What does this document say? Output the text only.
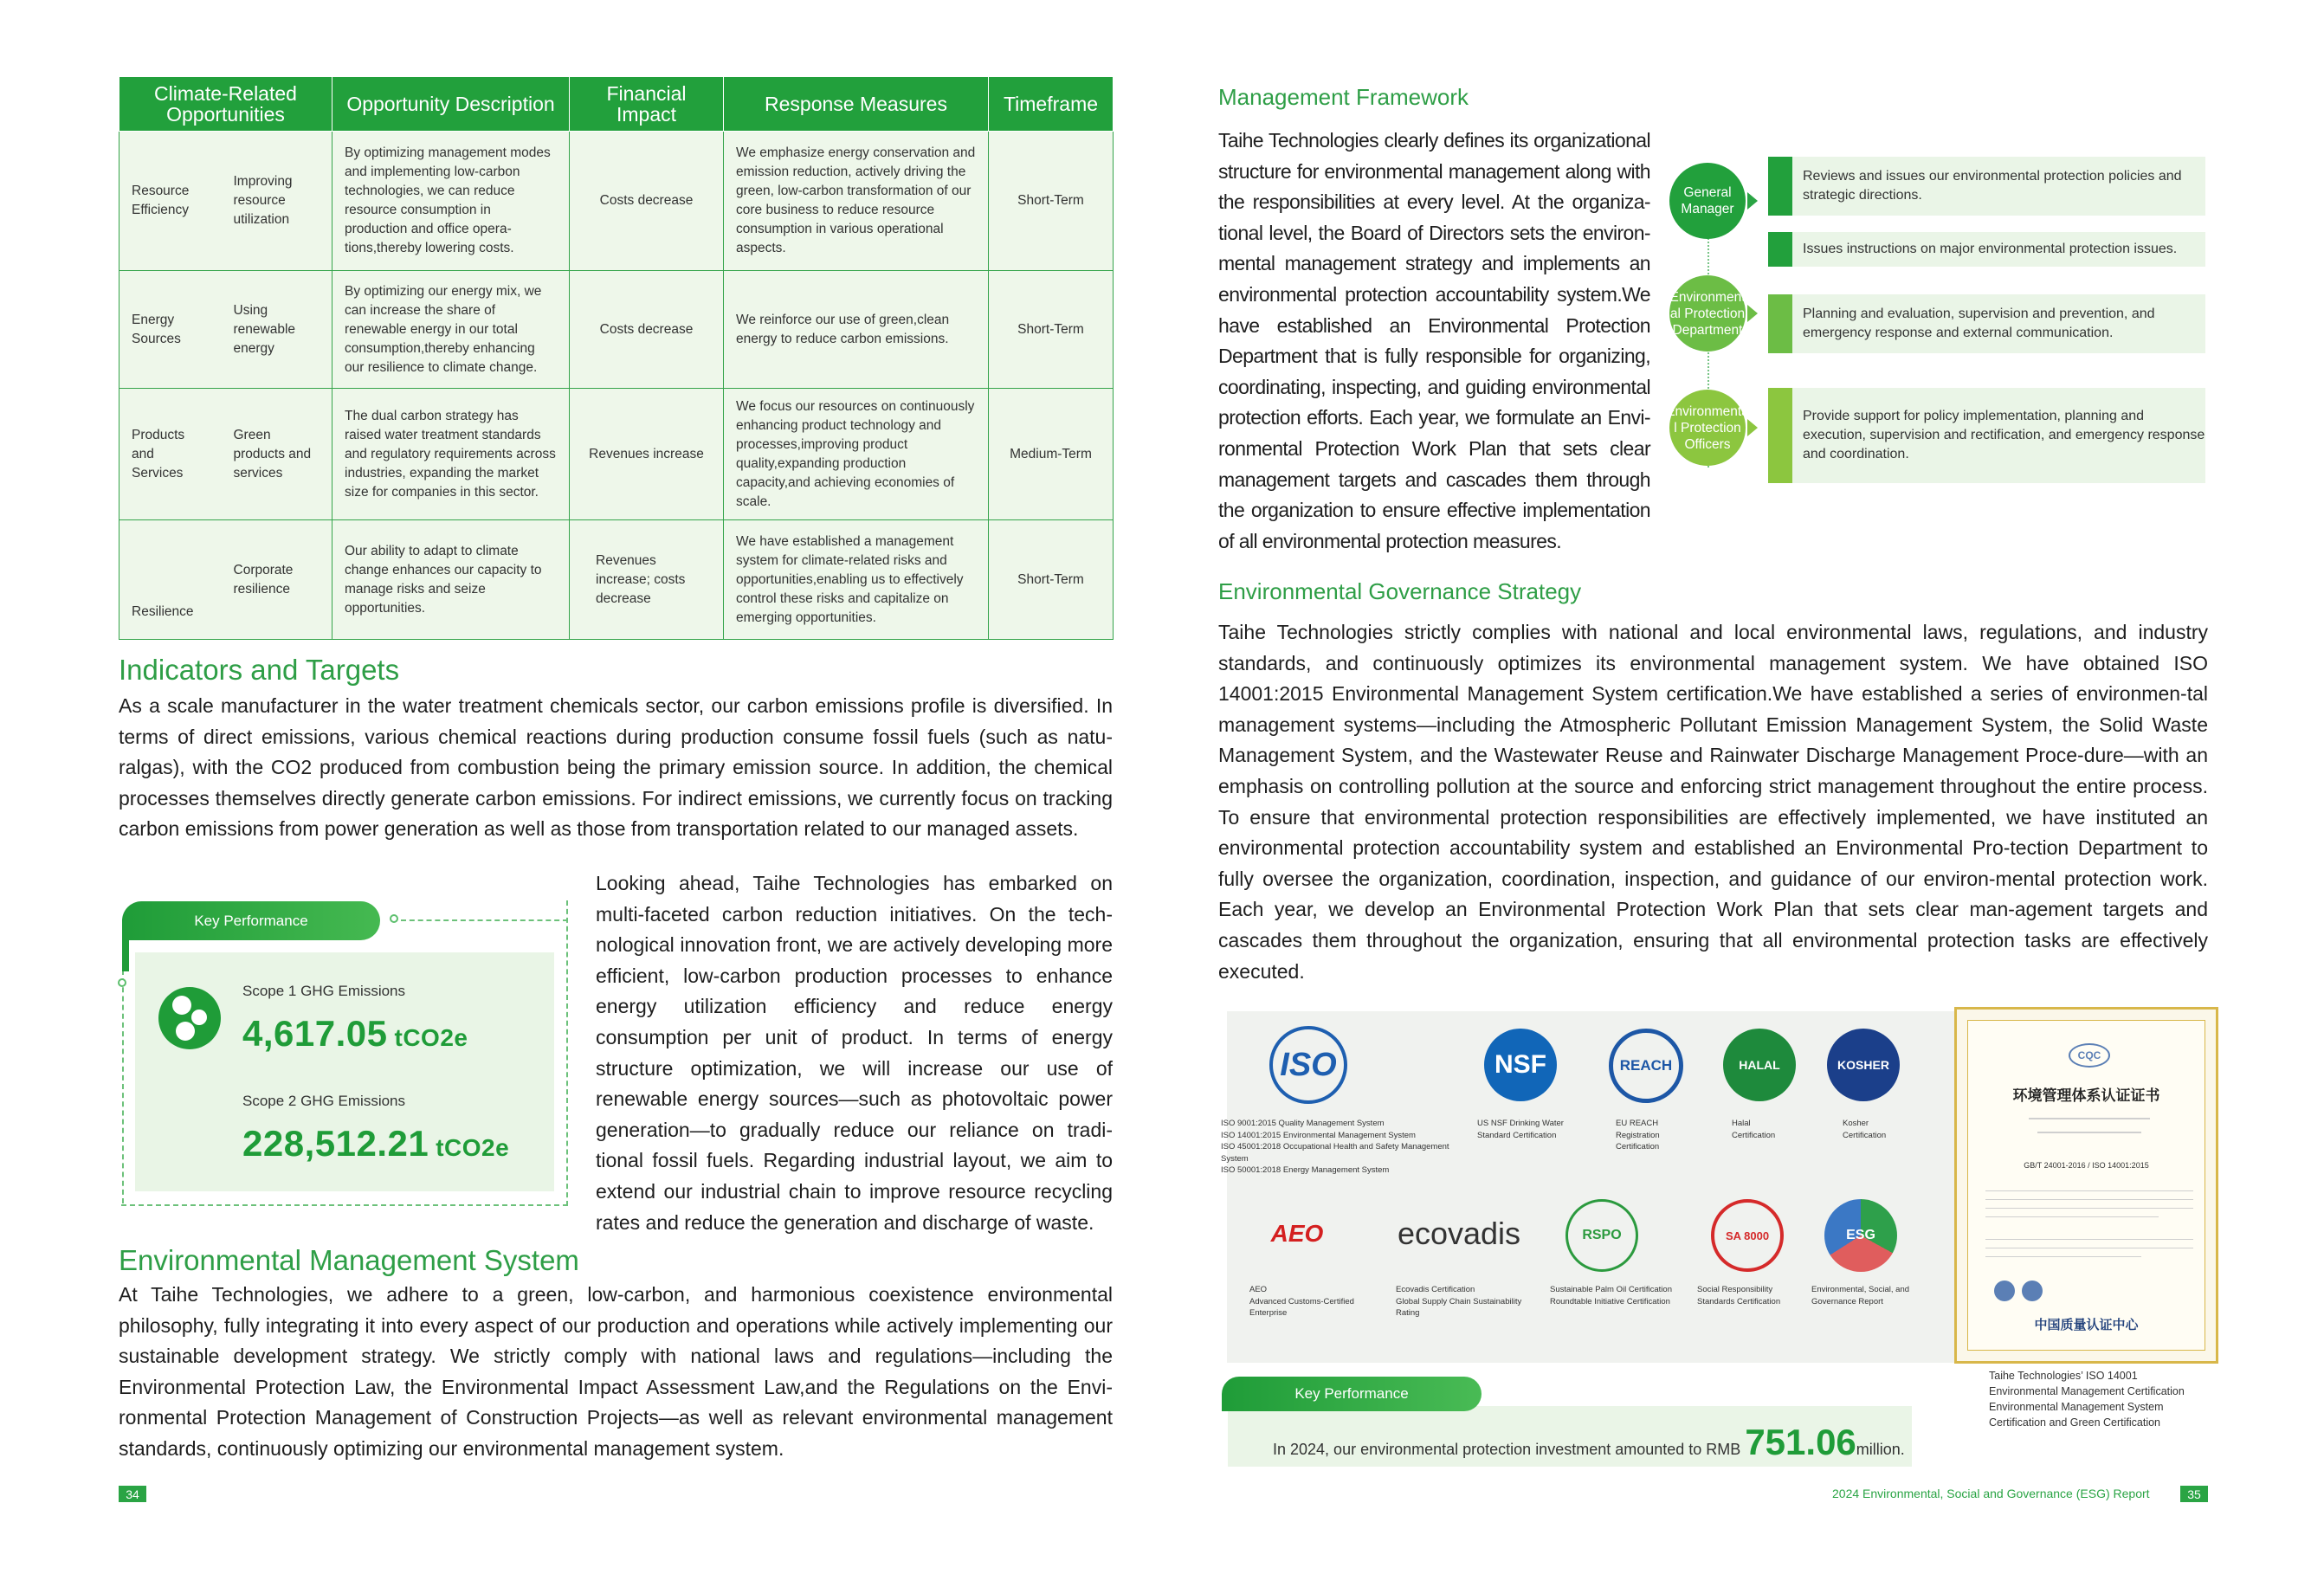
Climate-Related Opportunities		Opportunity Description	Financial Impact	Response Measures	Timeframe
Resource Efficiency	Improving resource utilization	By optimizing management modes and implementing low-carbon technologies, we can reduce resource consumption in production and office opera-tions,thereby lowering costs.	Costs decrease	We emphasize energy conservation and emission reduction, actively driving the green, low-carbon transformation of our core business to reduce resource consumption in various operational aspects.	Short-Term
Energy Sources	Using renewable energy	By optimizing our energy mix, we can increase the share of renewable energy in our total consumption,thereby enhancing our resilience to climate change.	Costs decrease	We reinforce our use of green,clean energy to reduce carbon emissions.	Short-Term
Products and Services	Green products and services	The dual carbon strategy has raised water treatment standards and regulatory requirements across industries, expanding the market size for companies in this sector.	Revenues increase	We focus our resources on continuously enhancing product technology and processes,improving product quality,expanding production capacity,and achieving economies of scale.	Medium-Term
Resilience	Corporate resilience	Our ability to adapt to climate change enhances our capacity to manage risks and seize opportunities.	Revenues increase; costs decrease	We have established a management system for climate-related risks and opportunities,enabling us to effectively control these risks and capitalize on emerging opportunities.	Short-Term
Indicators and Targets

As a scale manufacturer in the water treatment chemicals sector, our carbon emissions profile is diversified. In terms of direct emissions, various chemical reactions during production consume fossil fuels (such as natu-ralgas), with the CO2 produced from combustion being the primary emission source. In addition, the chemical processes themselves directly generate carbon emissions. For indirect emissions, we currently focus on tracking carbon emissions from power generation as well as those from transportation related to our managed assets.

Looking ahead, Taihe Technologies has embarked on multi-faceted carbon reduction initiatives. On the tech-nological innovation front, we are actively developing more efficient, low-carbon production processes to enhance energy utilization efficiency and reduce energy consumption per unit of product. In terms of energy structure optimization, we will increase our use of renewable energy sources—such as photovoltaic power generation—to gradually reduce our reliance on tradi-tional fossil fuels. Regarding industrial layout, we aim to extend our industrial chain to improve resource recycling rates and reduce the generation and discharge of waste.

Key Performance
Scope 1 GHG Emissions
4,617.05 tCO2e
Scope 2 GHG Emissions
228,512.21 tCO2e
Environmental Management System

At Taihe Technologies, we adhere to a green, low-carbon, and harmonious coexistence environmental philosophy, fully integrating it into every aspect of our production and operations while actively implementing our sustainable development strategy. We strictly comply with national laws and regulations—including the Environmental Protection Law, the Environmental Impact Assessment Law,and the Regulations on the Envi-ronmental Protection Management of Construction Projects—as well as relevant environmental management standards, continuously optimizing our environmental management system.

34
Management Framework

Taihe Technologies clearly defines its organizational structure for environmental management along with the responsibilities at every level. At the organiza-tional level, the Board of Directors sets the environ-mental management strategy and implements an environmental protection accountability system.We have established an Environmental Protection Department that is fully responsible for organizing, coordinating, inspecting, and guiding environmental protection efforts. Each year, we formulate an Envi-ronmental Protection Work Plan that sets clear management targets and cascades them through the organization to ensure effective implementation of all environmental protection measures.

General Manager
Environment al Protection Department
Environmenta l Protection Officers
Reviews and issues our environmental protection policies and strategic directions.
Issues instructions on major environmental protection issues.
Planning and evaluation, supervision and prevention, and emergency response and external communication.
Provide support for policy implementation, planning and execution, supervision and rectification, and emergency response and coordination.
Environmental Governance Strategy

Taihe Technologies strictly complies with national and local environmental laws, regulations, and industry standards, and continuously optimizes its environmental management system. We have obtained ISO 14001:2015 Environmental Management System certification.We have established a series of environmen-tal management systems—including the Atmospheric Pollutant Emission Management System, the Solid Waste Management System, and the Wastewater Reuse and Rainwater Discharge Management Proce-dure—with an emphasis on controlling pollution at the source and enforcing strict management throughout the entire process. To ensure that environmental protection responsibilities are effectively implemented, we have instituted an environmental protection accountability system and established an Environmental Pro-tection Department to fully oversee the organization, coordination, inspection, and guidance of our environ-mental protection work. Each year, we develop an Environmental Protection Work Plan that sets clear man-agement targets and cascades them throughout the organization, ensuring that all environmental protection tasks are effectively executed.

ISO	NSF	REACH	HALAL	KOSHER
ISO 9001:2015 Quality Management System
ISO 14001:2015 Environmental Management System
ISO 45001:2018 Occupational Health and Safety Management System
ISO 50001:2018 Energy Management System
US NSF Drinking Water
Standard Certification
EU REACH
Registration
Certification
Halal
Certification
Kosher
Certification
AEO	ecovadis	RSPO	SA 8000	ESG
AEO
Advanced Customs-Certified
Enterprise
Ecovadis Certification
Global Supply Chain Sustainability
Rating
Sustainable Palm Oil Certification
Roundtable Initiative Certification
Social Responsibility
Standards Certification
Environmental, Social, and
Governance Report
CQC
环境管理体系认证证书
GB/T 24001-2016 / ISO 14001:2015
中国质量认证中心
Taihe Technologies’ ISO 14001
Environmental Management Certification
Environmental Management System
Certification and Green Certification
Key Performance
In 2024, our environmental protection investment amounted to RMB 751.06million.
2024 Environmental, Social and Governance (ESG) Report	35
